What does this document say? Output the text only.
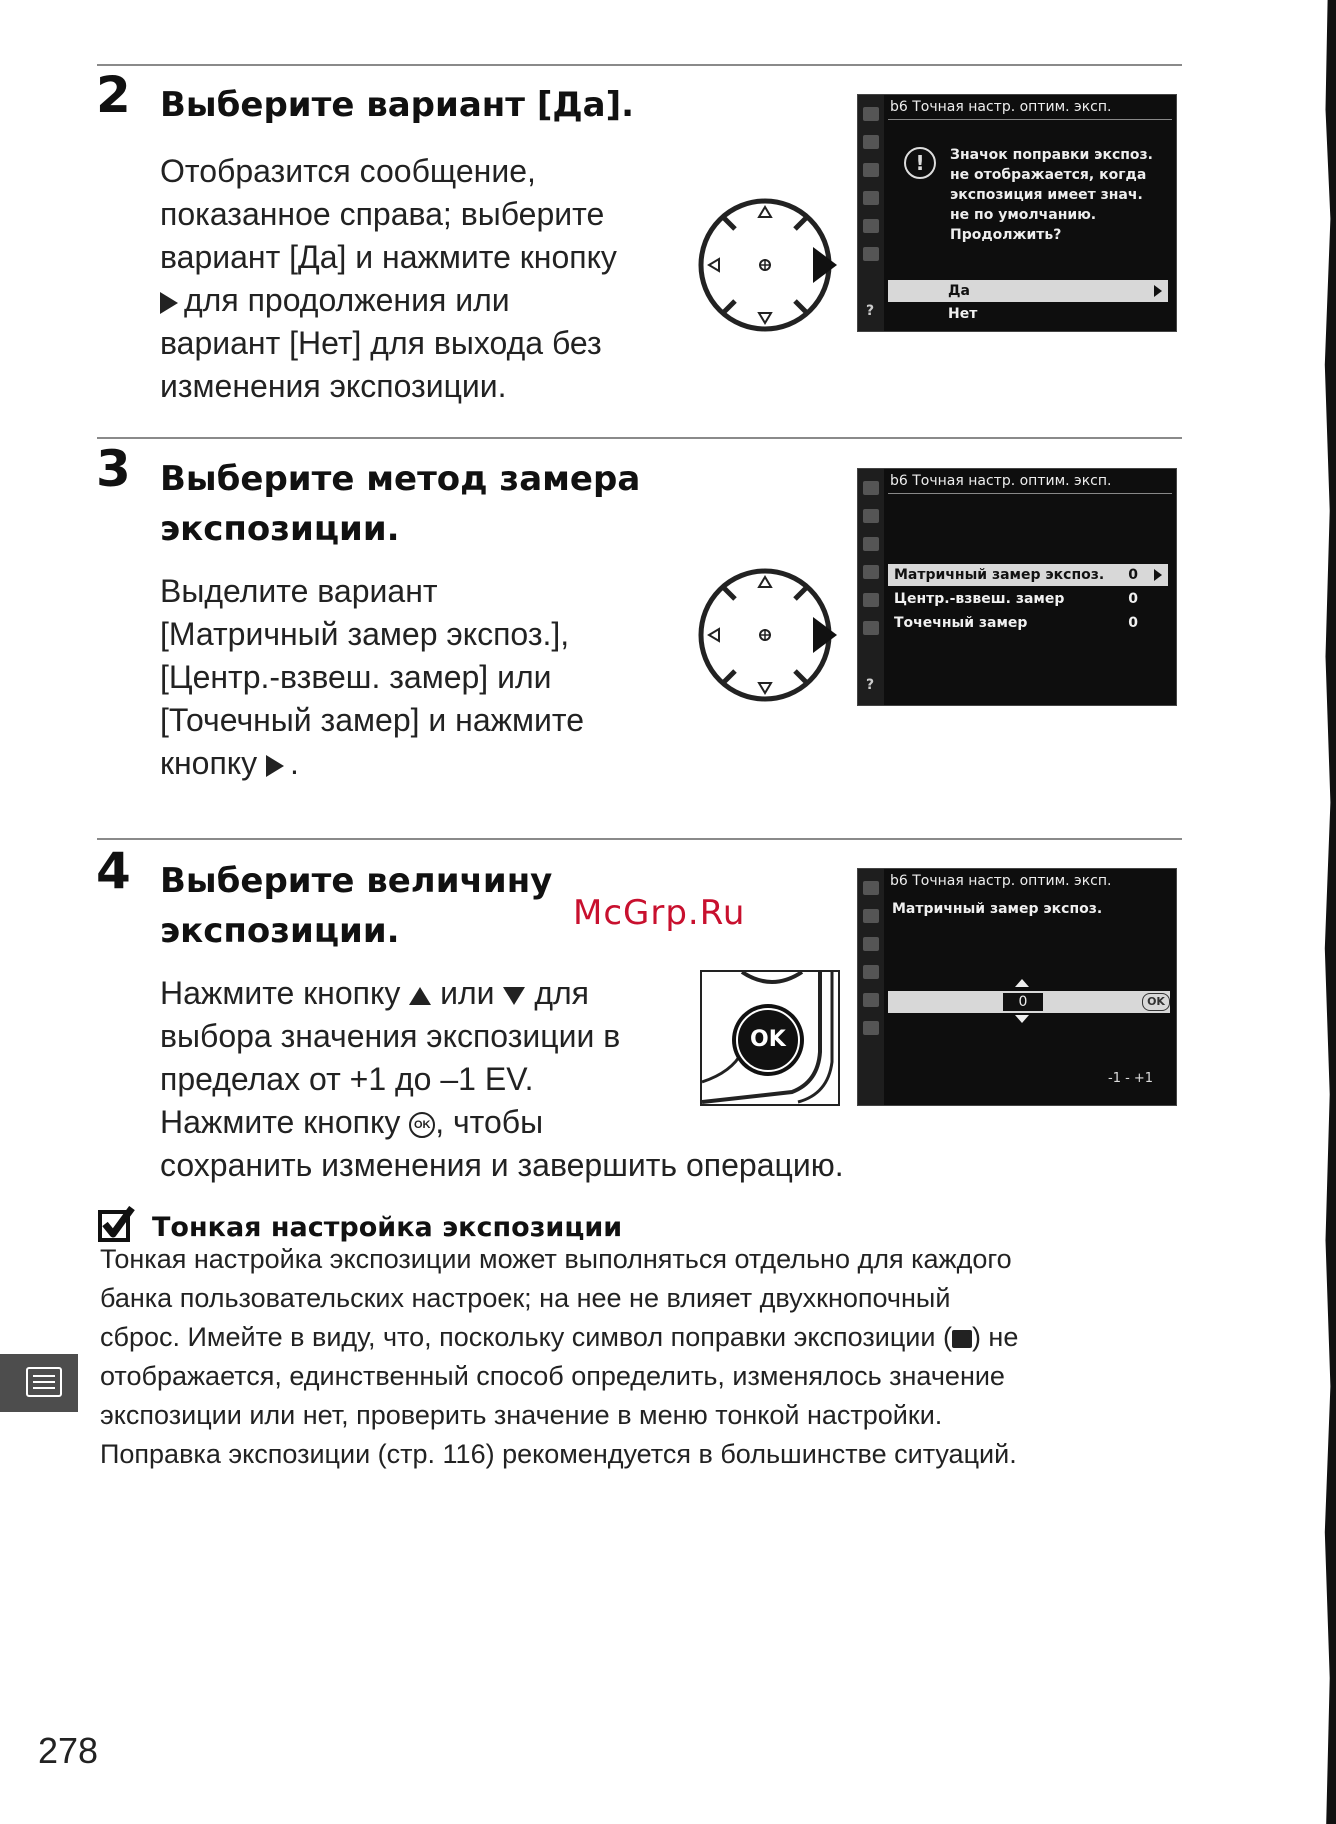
2 Выберите вариант [Да].
Отобразится сообщение,
показанное справа; выберите
вариант [Да] и нажмите кнопку
для продолжения или
вариант [Нет] для выхода без
изменения экспозиции.
?
b6 Точная настр. оптим. эксп.
!	Значок поправки экспоз.
не отображается, когда
экспозиция имеет знач.
не по умолчанию.
Продолжить?
Да
Нет
3 Выберите метод замера
экспозиции.
Выделите вариант
[Матричный замер экспоз.],
[Центр.-взвеш. замер] или
[Точечный замер] и нажмите
кнопку .
?
b6 Точная настр. оптим. эксп.
Матричный замер экспоз. 0
Центр.-взвеш. замер	0
Точечный замер	0
4 Выберите величину
экспозиции.	McGrp.Ru
Нажмите кнопку или для
выбора значения экспозиции в
пределах от +1 до –1 EV.
Нажмите кнопку OK , чтобы
сохранить изменения и завершить операцию.
OK
b6 Точная настр. оптим. эксп.
Матричный замер экспоз.
0	OK
-1 - +1
Тонкая настройка экспозиции
Тонкая настройка экспозиции может выполняться отдельно для каждого
банка пользовательских настроек; на нее не влияет двухкнопочный
сброс. Имейте в виду, что, поскольку символ поправки экспозиции ( ) не
отображается, единственный способ определить, изменялось значение
экспозиции или нет, проверить значение в меню тонкой настройки.
Поправка экспозиции (стр. 116) рекомендуется в большинстве ситуаций.
278
